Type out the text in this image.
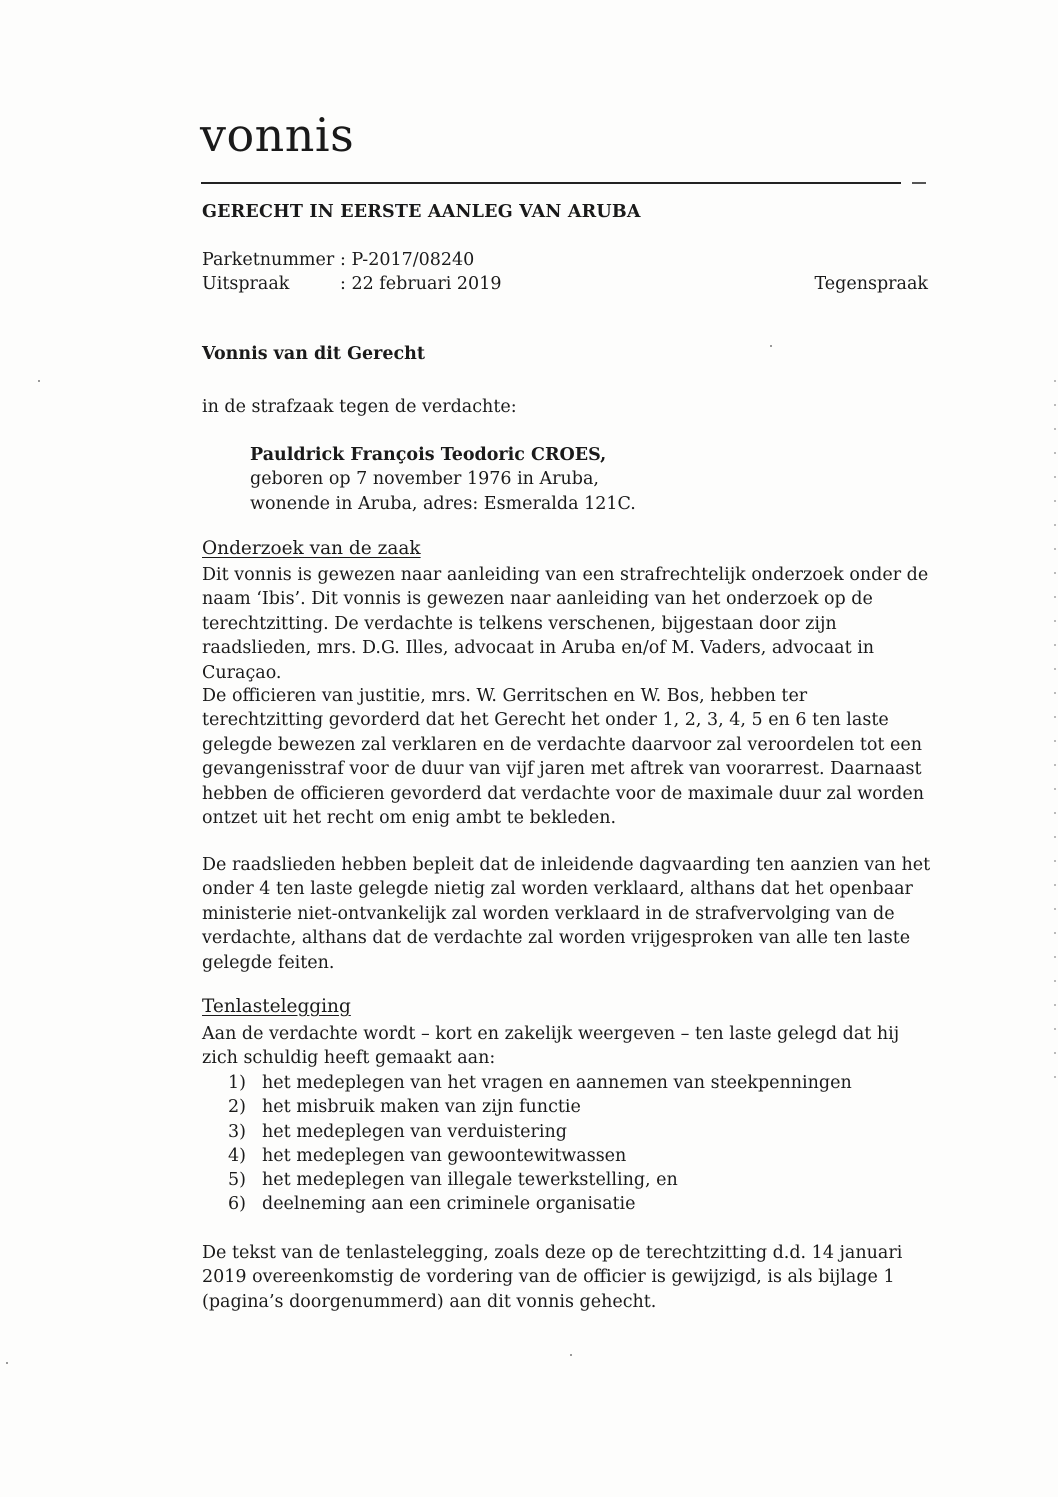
vonnis
GERECHT IN EERSTE AANLEG VAN ARUBA
Parketnummer : P-2017/08240
Uitspraak	: 22 februari 2019	Tegenspraak
Vonnis van dit Gerecht

in de strafzaak tegen de verdachte:

Pauldrick François Teodoric CROES,
geboren op 7 november 1976 in Aruba,
wonende in Aruba, adres: Esmeralda 121C.
Onderzoek van de zaak

Dit vonnis is gewezen naar aanleiding van een strafrechtelijk onderzoek onder de naam ‘Ibis’. Dit vonnis is gewezen naar aanleiding van het onderzoek op de terechtzitting. De verdachte is telkens verschenen, bijgestaan door zijn raadslieden, mrs. D.G. Illes, advocaat in Aruba en/of M. Vaders, advocaat in Curaçao.

De officieren van justitie, mrs. W. Gerritschen en W. Bos, hebben ter terechtzitting gevorderd dat het Gerecht het onder 1, 2, 3, 4, 5 en 6 ten laste gelegde bewezen zal verklaren en de verdachte daarvoor zal veroordelen tot een gevangenisstraf voor de duur van vijf jaren met aftrek van voorarrest. Daarnaast hebben de officieren gevorderd dat verdachte voor de maximale duur zal worden ontzet uit het recht om enig ambt te bekleden.

De raadslieden hebben bepleit dat de inleidende dagvaarding ten aanzien van het onder 4 ten laste gelegde nietig zal worden verklaard, althans dat het openbaar ministerie niet-ontvankelijk zal worden verklaard in de strafvervolging van de verdachte, althans dat de verdachte zal worden vrijgesproken van alle ten laste gelegde feiten.

Tenlastelegging

Aan de verdachte wordt – kort en zakelijk weergeven – ten laste gelegd dat hij zich schuldig heeft gemaakt aan:

1) het medeplegen van het vragen en aannemen van steekpenningen
2) het misbruik maken van zijn functie
3) het medeplegen van verduistering
4) het medeplegen van gewoontewitwassen
5) het medeplegen van illegale tewerkstelling, en
6) deelneming aan een criminele organisatie

De tekst van de tenlastelegging, zoals deze op de terechtzitting d.d. 14 januari 2019 overeenkomstig de vordering van de officier is gewijzigd, is als bijlage 1 (pagina’s doorgenummerd) aan dit vonnis gehecht.
